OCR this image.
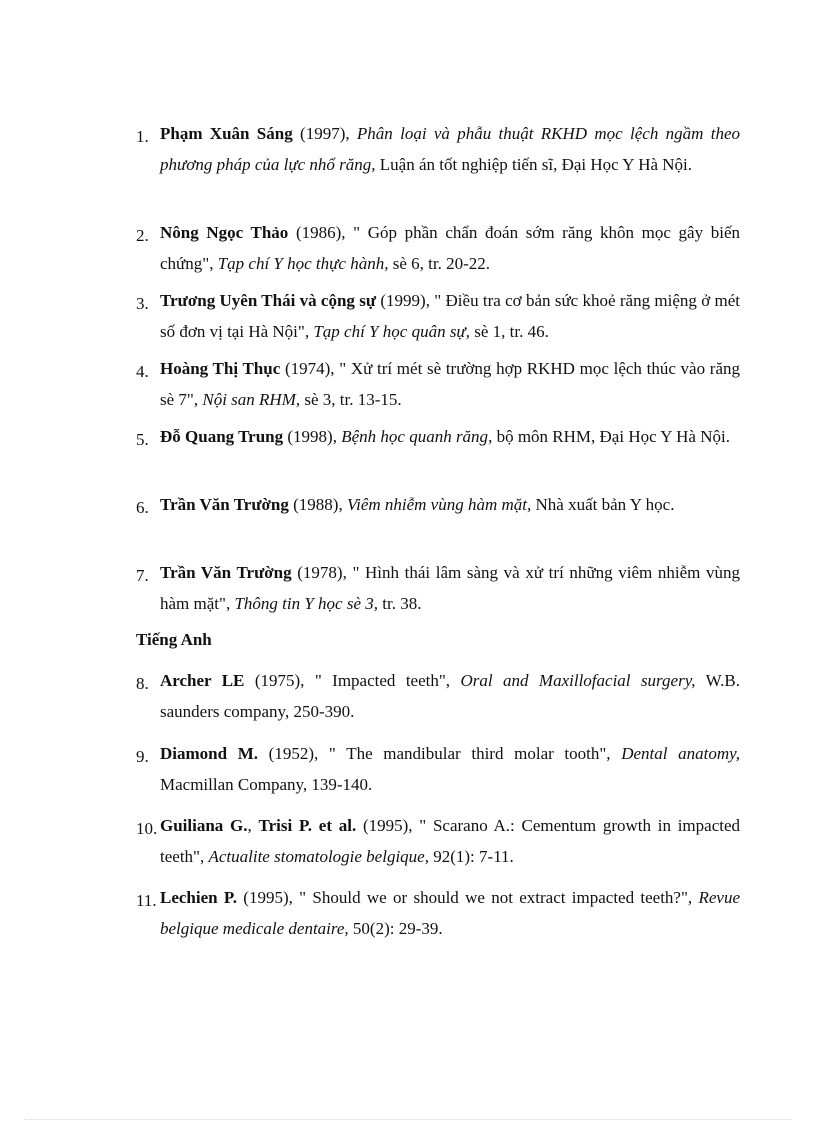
1. Phạm Xuân Sáng (1997), Phân loại và phẫu thuật RKHD mọc lệch ngầm theo phương pháp của lực nhổ răng, Luận án tốt nghiệp tiến sĩ, Đại Học Y Hà Nội.
2. Nông Ngọc Thảo (1986), " Góp phần chẩn đoán sớm răng khôn mọc gây biến chứng", Tạp chí Y học thực hành, sè 6, tr. 20-22.
3. Trương Uyên Thái và cộng sự (1999), " Điều tra cơ bản sức khoẻ răng miệng ở mét số đơn vị tại Hà Nội", Tạp chí Y học quân sự, sè 1, tr. 46.
4. Hoàng Thị Thục (1974), " Xử trí mét sè trường hợp RKHD mọc lệch thúc vào răng sè 7", Nội san RHM, sè 3, tr. 13-15.
5. Đỗ Quang Trung (1998), Bệnh học quanh răng, bộ môn RHM, Đại Học Y Hà Nội.
6. Trần Văn Trường (1988), Viêm nhiễm vùng hàm mặt, Nhà xuất bản Y học.
7. Trần Văn Trường (1978), " Hình thái lâm sàng và xử trí những viêm nhiễm vùng hàm mặt", Thông tin Y học sè 3, tr. 38.
Tiếng Anh
8. Archer LE (1975), " Impacted teeth", Oral and Maxillofacial surgery, W.B. saunders company, 250-390.
9. Diamond M. (1952), " The mandibular third molar tooth", Dental anatomy, Macmillan Company, 139-140.
10. Guiliana G., Trisi P. et al. (1995), " Scarano A.: Cementum growth in impacted teeth", Actualite stomatologie belgique, 92(1): 7-11.
11. Lechien P. (1995), " Should we or should we not extract impacted teeth?", Revue belgique medicale dentaire, 50(2): 29-39.
